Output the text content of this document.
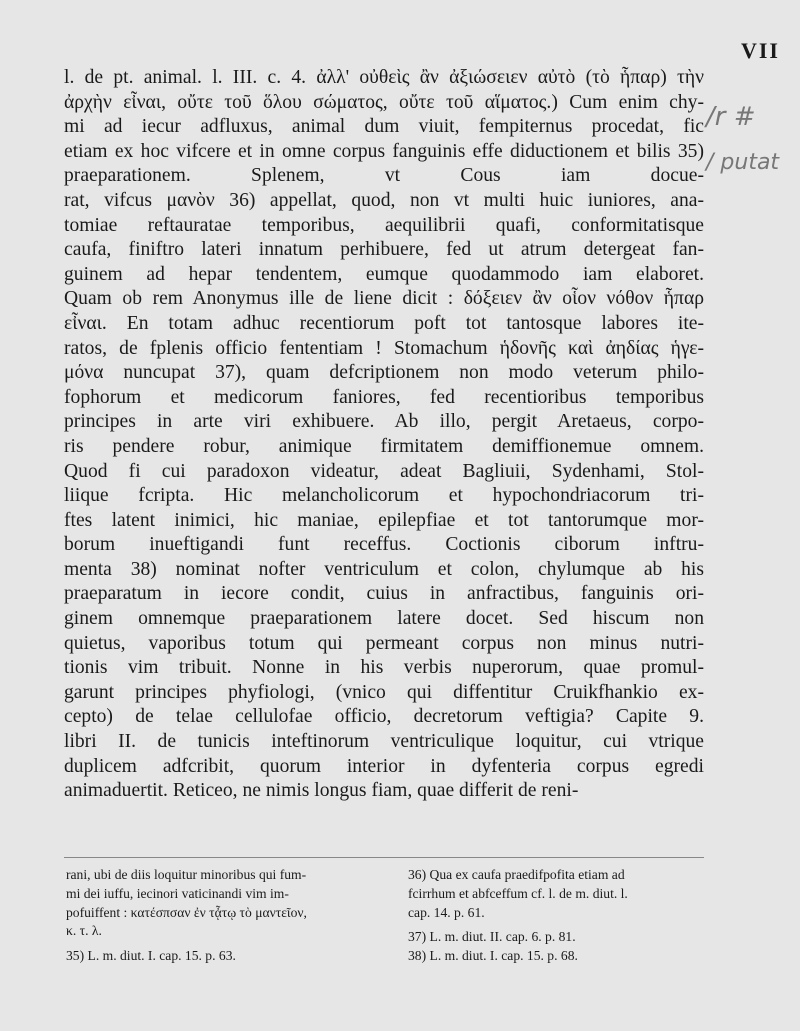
VII
l. de pt. animal. l. III. c. 4. ἀλλ' οὐθεὶς ἂν ἀξιώσειεν αὐτὸ (τὸ ἧπαρ) τὴν
ἀρχὴν εἶναι, οὔτε τοῦ ὅλου σώματος, οὔτε τοῦ αἵματος.) Cum enim chy-
mi ad iecur adfluxus, animal dum viuit, fempiternus procedat, fic
etiam ex hoc vifcere et in omne corpus fanguinis effe diductionem et bilis 35) praeparationem. Splenem, vt Cous iam docue-
rat, vifcus μανὸν 36) appellat, quod, non vt multi huic iuniores, ana-
tomiae reftauratae temporibus, aequilibrii quafi, conformitatisque
caufa, finiftro lateri innatum perhibuere, fed ut atrum detergeat fan-
guinem ad hepar tendentem, eumque quodammodo iam elaboret.
Quam ob rem Anonymus ille de liene dicit : δόξειεν ἂν οἷον νόθον ἧπαρ
εἶναι. En totam adhuc recentiorum poft tot tantosque labores ite-
ratos, de fplenis officio fententiam ! Stomachum ἡδονῆς καὶ ἀηδίας ἡγε-
μόνα nuncupat 37), quam defcriptionem non modo veterum philo-
fophorum et medicorum faniores, fed recentioribus temporibus
principes in arte viri exhibuere. Ab illo, pergit Aretaeus, corpo-
ris pendere robur, animique firmitatem demiffionemue omnem.
Quod fi cui paradoxon videatur, adeat Bagliuii, Sydenhami, Stol-
liique fcripta. Hic melancholicorum et hypochondriacorum tri-
ftes latent inimici, hic maniae, epilepfiae et tot tantorumque mor-
borum inueftigandi funt receffus. Coctionis ciborum inftru-
menta 38) nominat nofter ventriculum et colon, chylumque ab his
praeparatum in iecore condit, cuius in anfractibus, fanguinis ori-
ginem omnemque praeparationem latere docet. Sed hiscum non
quietus, vaporibus totum qui permeant corpus non minus nutri-
tionis vim tribuit. Nonne in his verbis nuperorum, quae promul-
garunt principes phyfiologi, (vnico qui diffentitur Cruikfhankio ex-
cepto) de telae cellulofae officio, decretorum veftigia? Capite 9.
libri II. de tunicis inteftinorum ventriculique loquitur, cui vtrique
duplicem adfcribit, quorum interior in dyfenteria corpus egredi
animaduertit. Reticeo, ne nimis longus fiam, quae differit de reni-
/r #
/ putat
rani, ubi de diis loquitur minoribus qui fum-
mi dei iuffu, iecinori vaticinandi vim im-
pofuiffent : κατέσπσαν ἐν τᾆτῳ τὸ μαντεῖον,
κ. τ. λ.
35) L. m. diut. I. cap. 15. p. 63.
36) Qua ex caufa praedifpofita etiam ad
fcirrhum et abfceffum cf. l. de m. diut. l.
cap. 14. p. 61.
37) L. m. diut. II. cap. 6. p. 81.
38) L. m. diut. I. cap. 15. p. 68.
